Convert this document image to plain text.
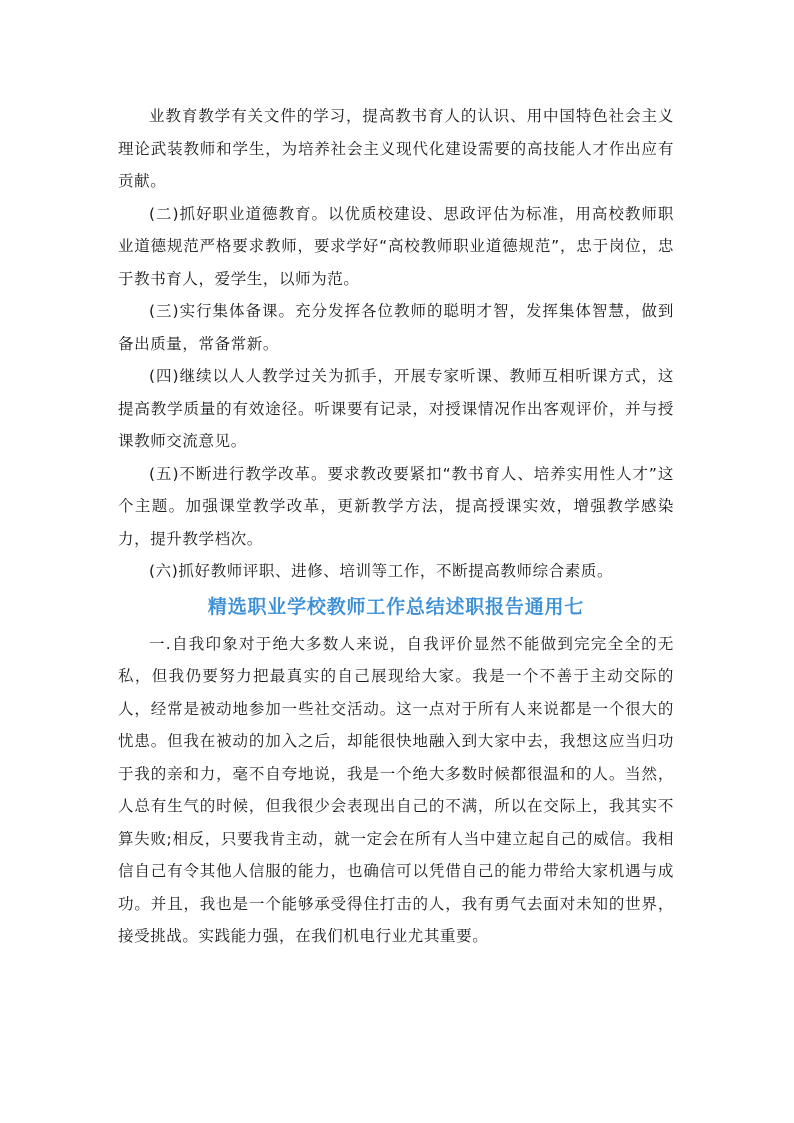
业教育教学有关文件的学习，提高教书育人的认识、用中国特色社会主义理论武装教师和学生，为培养社会主义现代化建设需要的高技能人才作出应有贡献。

(二)抓好职业道德教育。以优质校建设、思政评估为标准，用高校教师职业道德规范严格要求教师，要求学好“高校教师职业道德规范”，忠于岗位，忠于教书育人，爱学生，以师为范。

(三)实行集体备课。充分发挥各位教师的聪明才智，发挥集体智慧，做到备出质量，常备常新。

(四)继续以人人教学过关为抓手，开展专家听课、教师互相听课方式，这提高教学质量的有效途径。听课要有记录，对授课情况作出客观评价，并与授课教师交流意见。

(五)不断进行教学改革。要求教改要紧扣“教书育人、培养实用性人才”这个主题。加强课堂教学改革，更新教学方法，提高授课实效，增强教学感染力，提升教学档次。

(六)抓好教师评职、进修、培训等工作，不断提高教师综合素质。

精选职业学校教师工作总结述职报告通用七

一.自我印象对于绝大多数人来说，自我评价显然不能做到完完全全的无私，但我仍要努力把最真实的自己展现给大家。我是一个不善于主动交际的人，经常是被动地参加一些社交活动。这一点对于所有人来说都是一个很大的忧患。但我在被动的加入之后，却能很快地融入到大家中去，我想这应当归功于我的亲和力，毫不自夸地说，我是一个绝大多数时候都很温和的人。当然，人总有生气的时候，但我很少会表现出自己的不满，所以在交际上，我其实不算失败;相反，只要我肯主动，就一定会在所有人当中建立起自己的威信。我相信自己有令其他人信服的能力，也确信可以凭借自己的能力带给大家机遇与成功。并且，我也是一个能够承受得住打击的人，我有勇气去面对未知的世界，接受挑战。实践能力强，在我们机电行业尤其重要。
